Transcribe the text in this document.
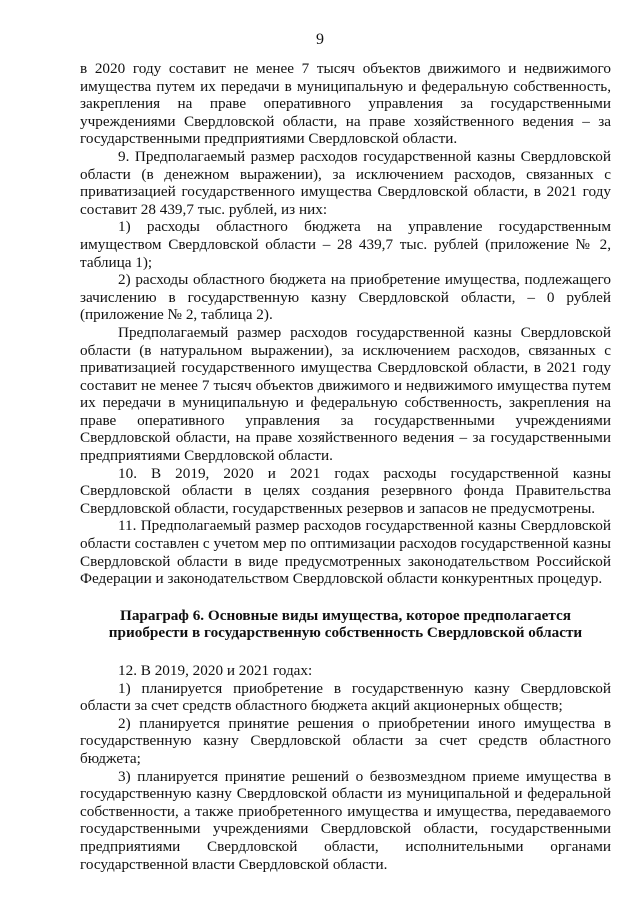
9

в 2020 году составит не менее 7 тысяч объектов движимого и недвижимого имущества путем их передачи в муниципальную и федеральную собственность, закрепления на праве оперативного управления за государственными учреждениями Свердловской области, на праве хозяйственного ведения – за государственными предприятиями Свердловской области.

9. Предполагаемый размер расходов государственной казны Свердловской области (в денежном выражении), за исключением расходов, связанных с приватизацией государственного имущества Свердловской области, в 2021 году составит 28 439,7 тыс. рублей, из них:

1) расходы областного бюджета на управление государственным имуществом Свердловской области – 28 439,7 тыс. рублей (приложение № 2, таблица 1);

2) расходы областного бюджета на приобретение имущества, подлежащего зачислению в государственную казну Свердловской области, – 0 рублей (приложение № 2, таблица 2).

Предполагаемый размер расходов государственной казны Свердловской области (в натуральном выражении), за исключением расходов, связанных с приватизацией государственного имущества Свердловской области, в 2021 году составит не менее 7 тысяч объектов движимого и недвижимого имущества путем их передачи в муниципальную и федеральную собственность, закрепления на праве оперативного управления за государственными учреждениями Свердловской области, на праве хозяйственного ведения – за государственными предприятиями Свердловской области.

10. В 2019, 2020 и 2021 годах расходы государственной казны Свердловской области в целях создания резервного фонда Правительства Свердловской области, государственных резервов и запасов не предусмотрены.

11. Предполагаемый размер расходов государственной казны Свердловской области составлен с учетом мер по оптимизации расходов государственной казны Свердловской области в виде предусмотренных законодательством Российской Федерации и законодательством Свердловской области конкурентных процедур.

Параграф 6. Основные виды имущества, которое предполагается приобрести в государственную собственность Свердловской области

12. В 2019, 2020 и 2021 годах:

1) планируется приобретение в государственную казну Свердловской области за счет средств областного бюджета акций акционерных обществ;

2) планируется принятие решения о приобретении иного имущества в государственную казну Свердловской области за счет средств областного бюджета;

3) планируется принятие решений о безвозмездном приеме имущества в государственную казну Свердловской области из муниципальной и федеральной собственности, а также приобретенного имущества и имущества, передаваемого государственными учреждениями Свердловской области, государственными предприятиями Свердловской области, исполнительными органами государственной власти Свердловской области.
